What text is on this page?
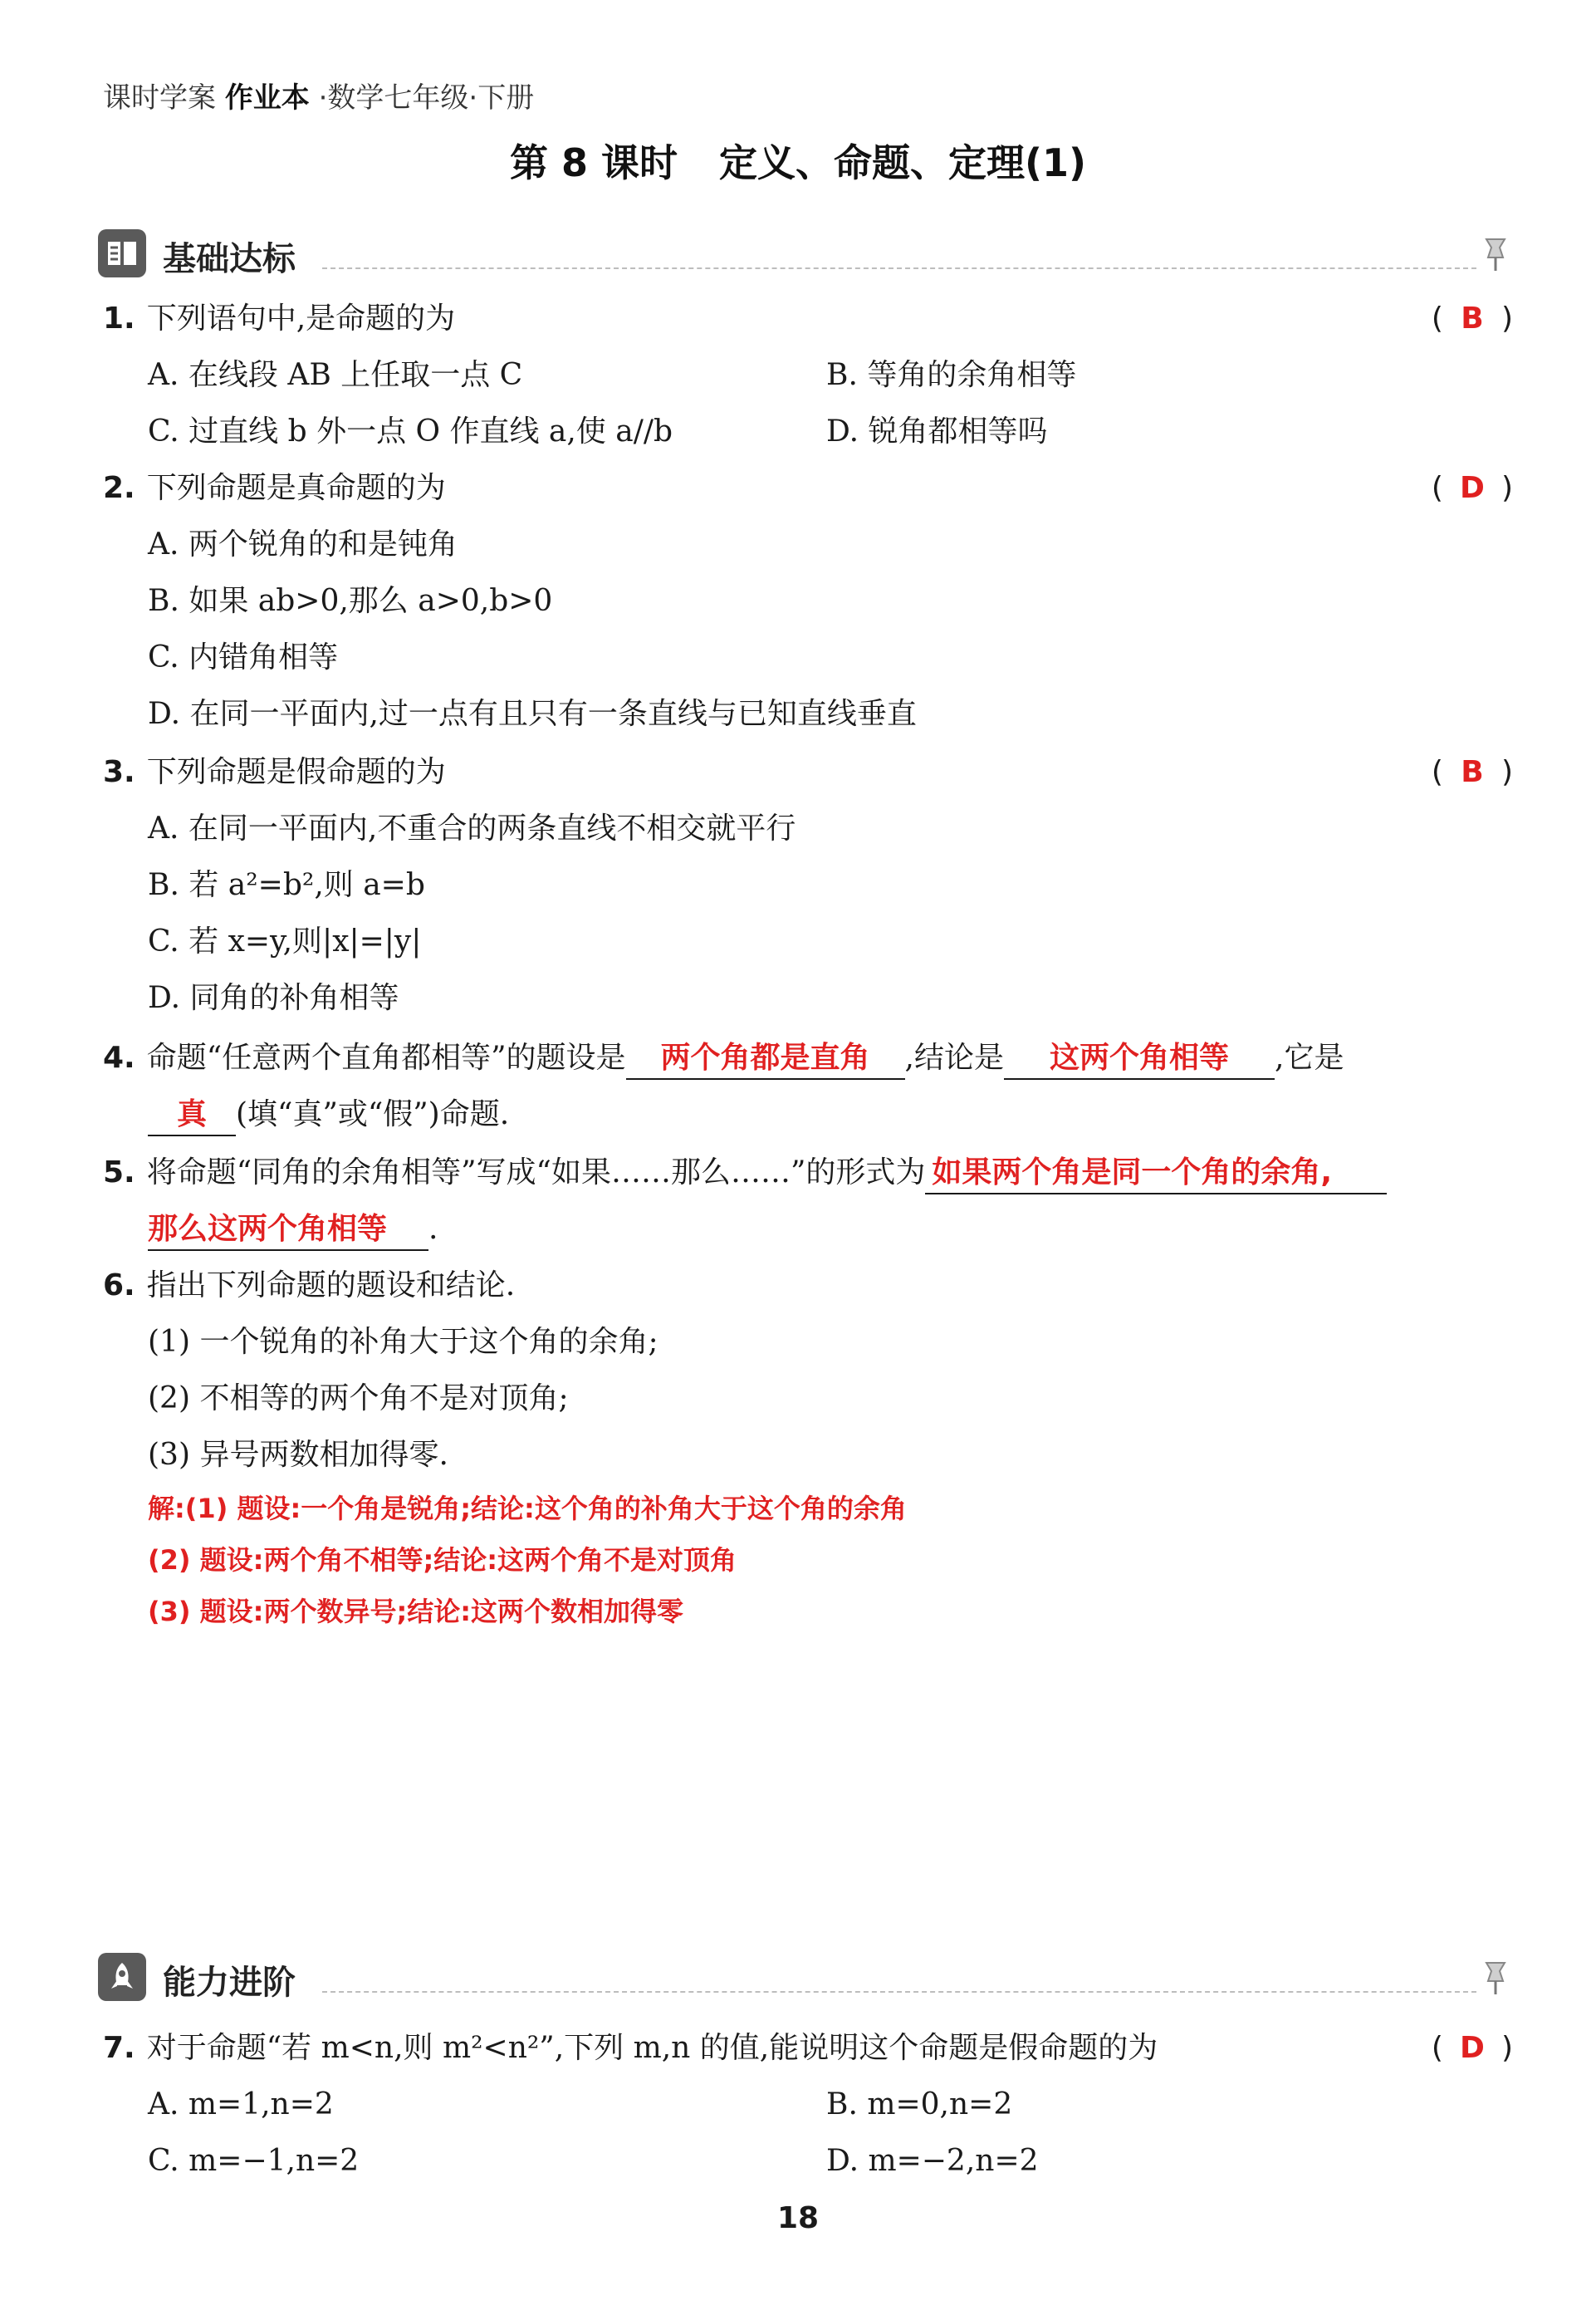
课时学案 作业本 ·数学七年级·下册
第 8 课时 定义、命题、定理(1)
基础达标
1. 下列语句中,是命题的为	( B )
A. 在线段 AB 上任取一点 C	B. 等角的余角相等
C. 过直线 b 外一点 O 作直线 a,使 a//b	D. 锐角都相等吗
2. 下列命题是真命题的为	( D )
A. 两个锐角的和是钝角
B. 如果 ab>0,那么 a>0,b>0
C. 内错角相等
D. 在同一平面内,过一点有且只有一条直线与已知直线垂直
3. 下列命题是假命题的为	( B )
A. 在同一平面内,不重合的两条直线不相交就平行
B. 若 a²=b²,则 a=b
C. 若 x=y,则|x|=|y|
D. 同角的补角相等
4. 命题“任意两个直角都相等”的题设是 两个角都是直角 ,结论是 这两个角相等 ,它是
真 (填“真”或“假”)命题.
5. 将命题“同角的余角相等”写成“如果……那么……”的形式为 如果两个角是同一个角的余角,
那么这两个角相等 .
6. 指出下列命题的题设和结论.
(1) 一个锐角的补角大于这个角的余角;
(2) 不相等的两个角不是对顶角;
(3) 异号两数相加得零.
解:(1) 题设:一个角是锐角;结论:这个角的补角大于这个角的余角
(2) 题设:两个角不相等;结论:这两个角不是对顶角
(3) 题设:两个数异号;结论:这两个数相加得零
能力进阶
7. 对于命题“若 m<n,则 m²<n²”,下列 m,n 的值,能说明这个命题是假命题的为	( D )
A. m=1,n=2	B. m=0,n=2
C. m=−1,n=2	D. m=−2,n=2
18
